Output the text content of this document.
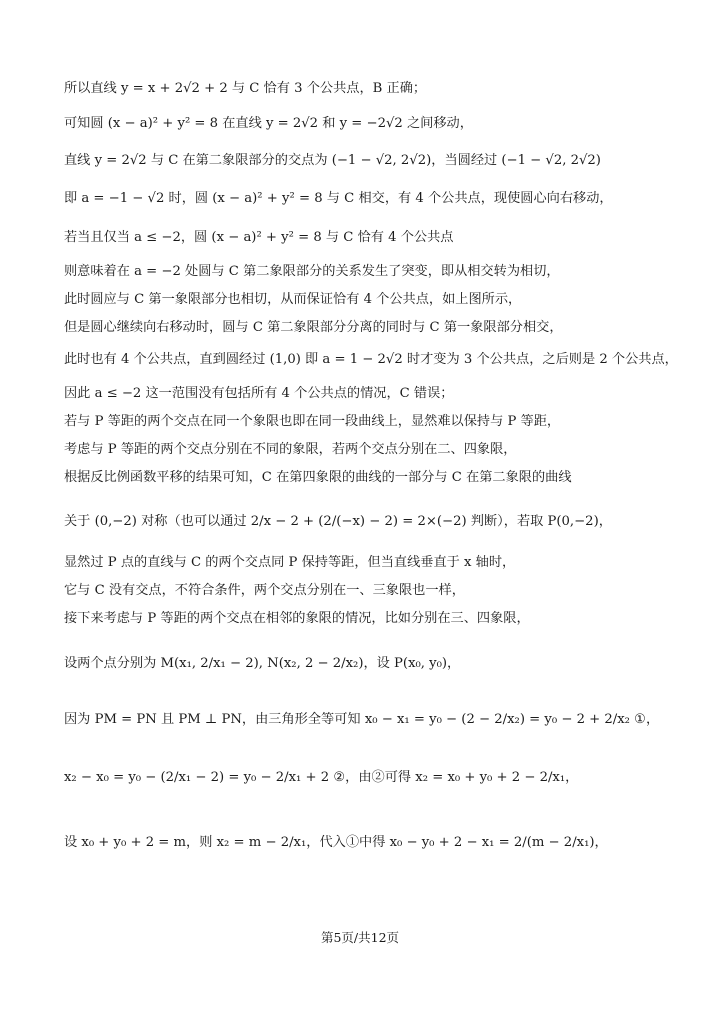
所以直线 y = x + 2√2 + 2 与 C 恰有 3 个公共点，B 正确；
可知圆 (x − a)² + y² = 8 在直线 y = 2√2 和 y = −2√2 之间移动，
直线 y = 2√2 与 C 在第二象限部分的交点为 (−1 − √2, 2√2)，当圆经过 (−1 − √2, 2√2)
即 a = −1 − √2 时，圆 (x − a)² + y² = 8 与 C 相交，有 4 个公共点，现使圆心向右移动，
若当且仅当 a ≤ −2，圆 (x − a)² + y² = 8 与 C 恰有 4 个公共点
则意味着在 a = −2 处圆与 C 第二象限部分的关系发生了突变，即从相交转为相切，
此时圆应与 C 第一象限部分也相切，从而保证恰有 4 个公共点，如上图所示，
但是圆心继续向右移动时，圆与 C 第二象限部分分离的同时与 C 第一象限部分相交，
此时也有 4 个公共点，直到圆经过 (1,0) 即 a = 1 − 2√2 时才变为 3 个公共点，之后则是 2 个公共点，
因此 a ≤ −2 这一范围没有包括所有 4 个公共点的情况，C 错误；
若与 P 等距的两个交点在同一个象限也即在同一段曲线上，显然难以保持与 P 等距，
考虑与 P 等距的两个交点分别在不同的象限，若两个交点分别在二、四象限，
根据反比例函数平移的结果可知，C 在第四象限的曲线的一部分与 C 在第二象限的曲线
关于 (0,−2) 对称（也可以通过 2/x − 2 + (2/(−x) − 2) = 2×(−2) 判断），若取 P(0,−2)，
显然过 P 点的直线与 C 的两个交点同 P 保持等距，但当直线垂直于 x 轴时，
它与 C 没有交点，不符合条件，两个交点分别在一、三象限也一样，
接下来考虑与 P 等距的两个交点在相邻的象限的情况，比如分别在三、四象限，
设两个点分别为 M(x₁, 2/x₁ − 2), N(x₂, 2 − 2/x₂)，设 P(x₀, y₀)，
因为 PM = PN 且 PM ⊥ PN，由三角形全等可知 x₀ − x₁ = y₀ − (2 − 2/x₂) = y₀ − 2 + 2/x₂ ①，
x₂ − x₀ = y₀ − (2/x₁ − 2) = y₀ − 2/x₁ + 2 ②，由②可得 x₂ = x₀ + y₀ + 2 − 2/x₁，
设 x₀ + y₀ + 2 = m，则 x₂ = m − 2/x₁，代入①中得 x₀ − y₀ + 2 − x₁ = 2/(m − 2/x₁)，
第5页/共12页
